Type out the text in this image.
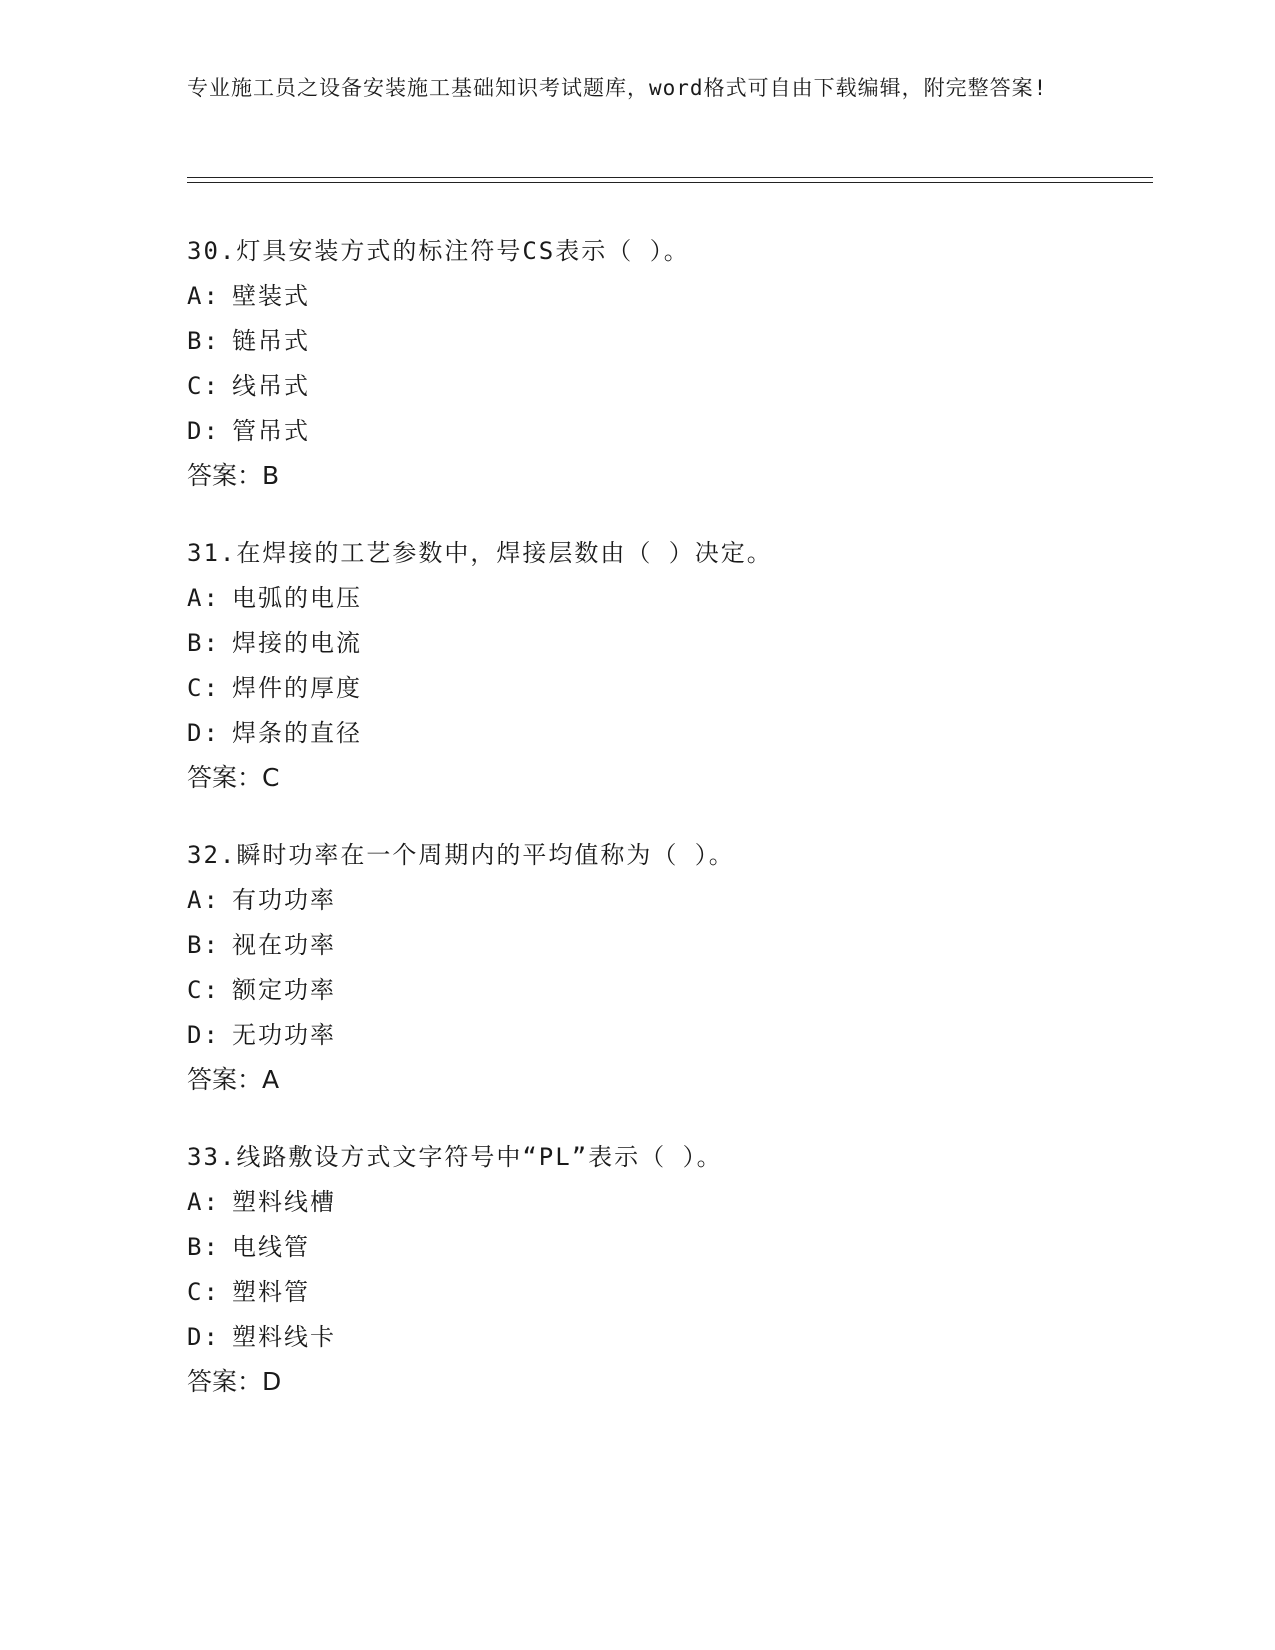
专业施工员之设备安装施工基础知识考试题库，word格式可自由下载编辑，附完整答案!
30.灯具安装方式的标注符号CS表示（ ）。
A: 壁装式
B: 链吊式
C: 线吊式
D: 管吊式
答案：B
31.在焊接的工艺参数中，焊接层数由（ ）决定。
A: 电弧的电压
B: 焊接的电流
C: 焊件的厚度
D: 焊条的直径
答案：C
32.瞬时功率在一个周期内的平均值称为（ ）。
A: 有功功率
B: 视在功率
C: 额定功率
D: 无功功率
答案：A
33.线路敷设方式文字符号中“PL”表示（ ）。
A: 塑料线槽
B: 电线管
C: 塑料管
D: 塑料线卡
答案：D
